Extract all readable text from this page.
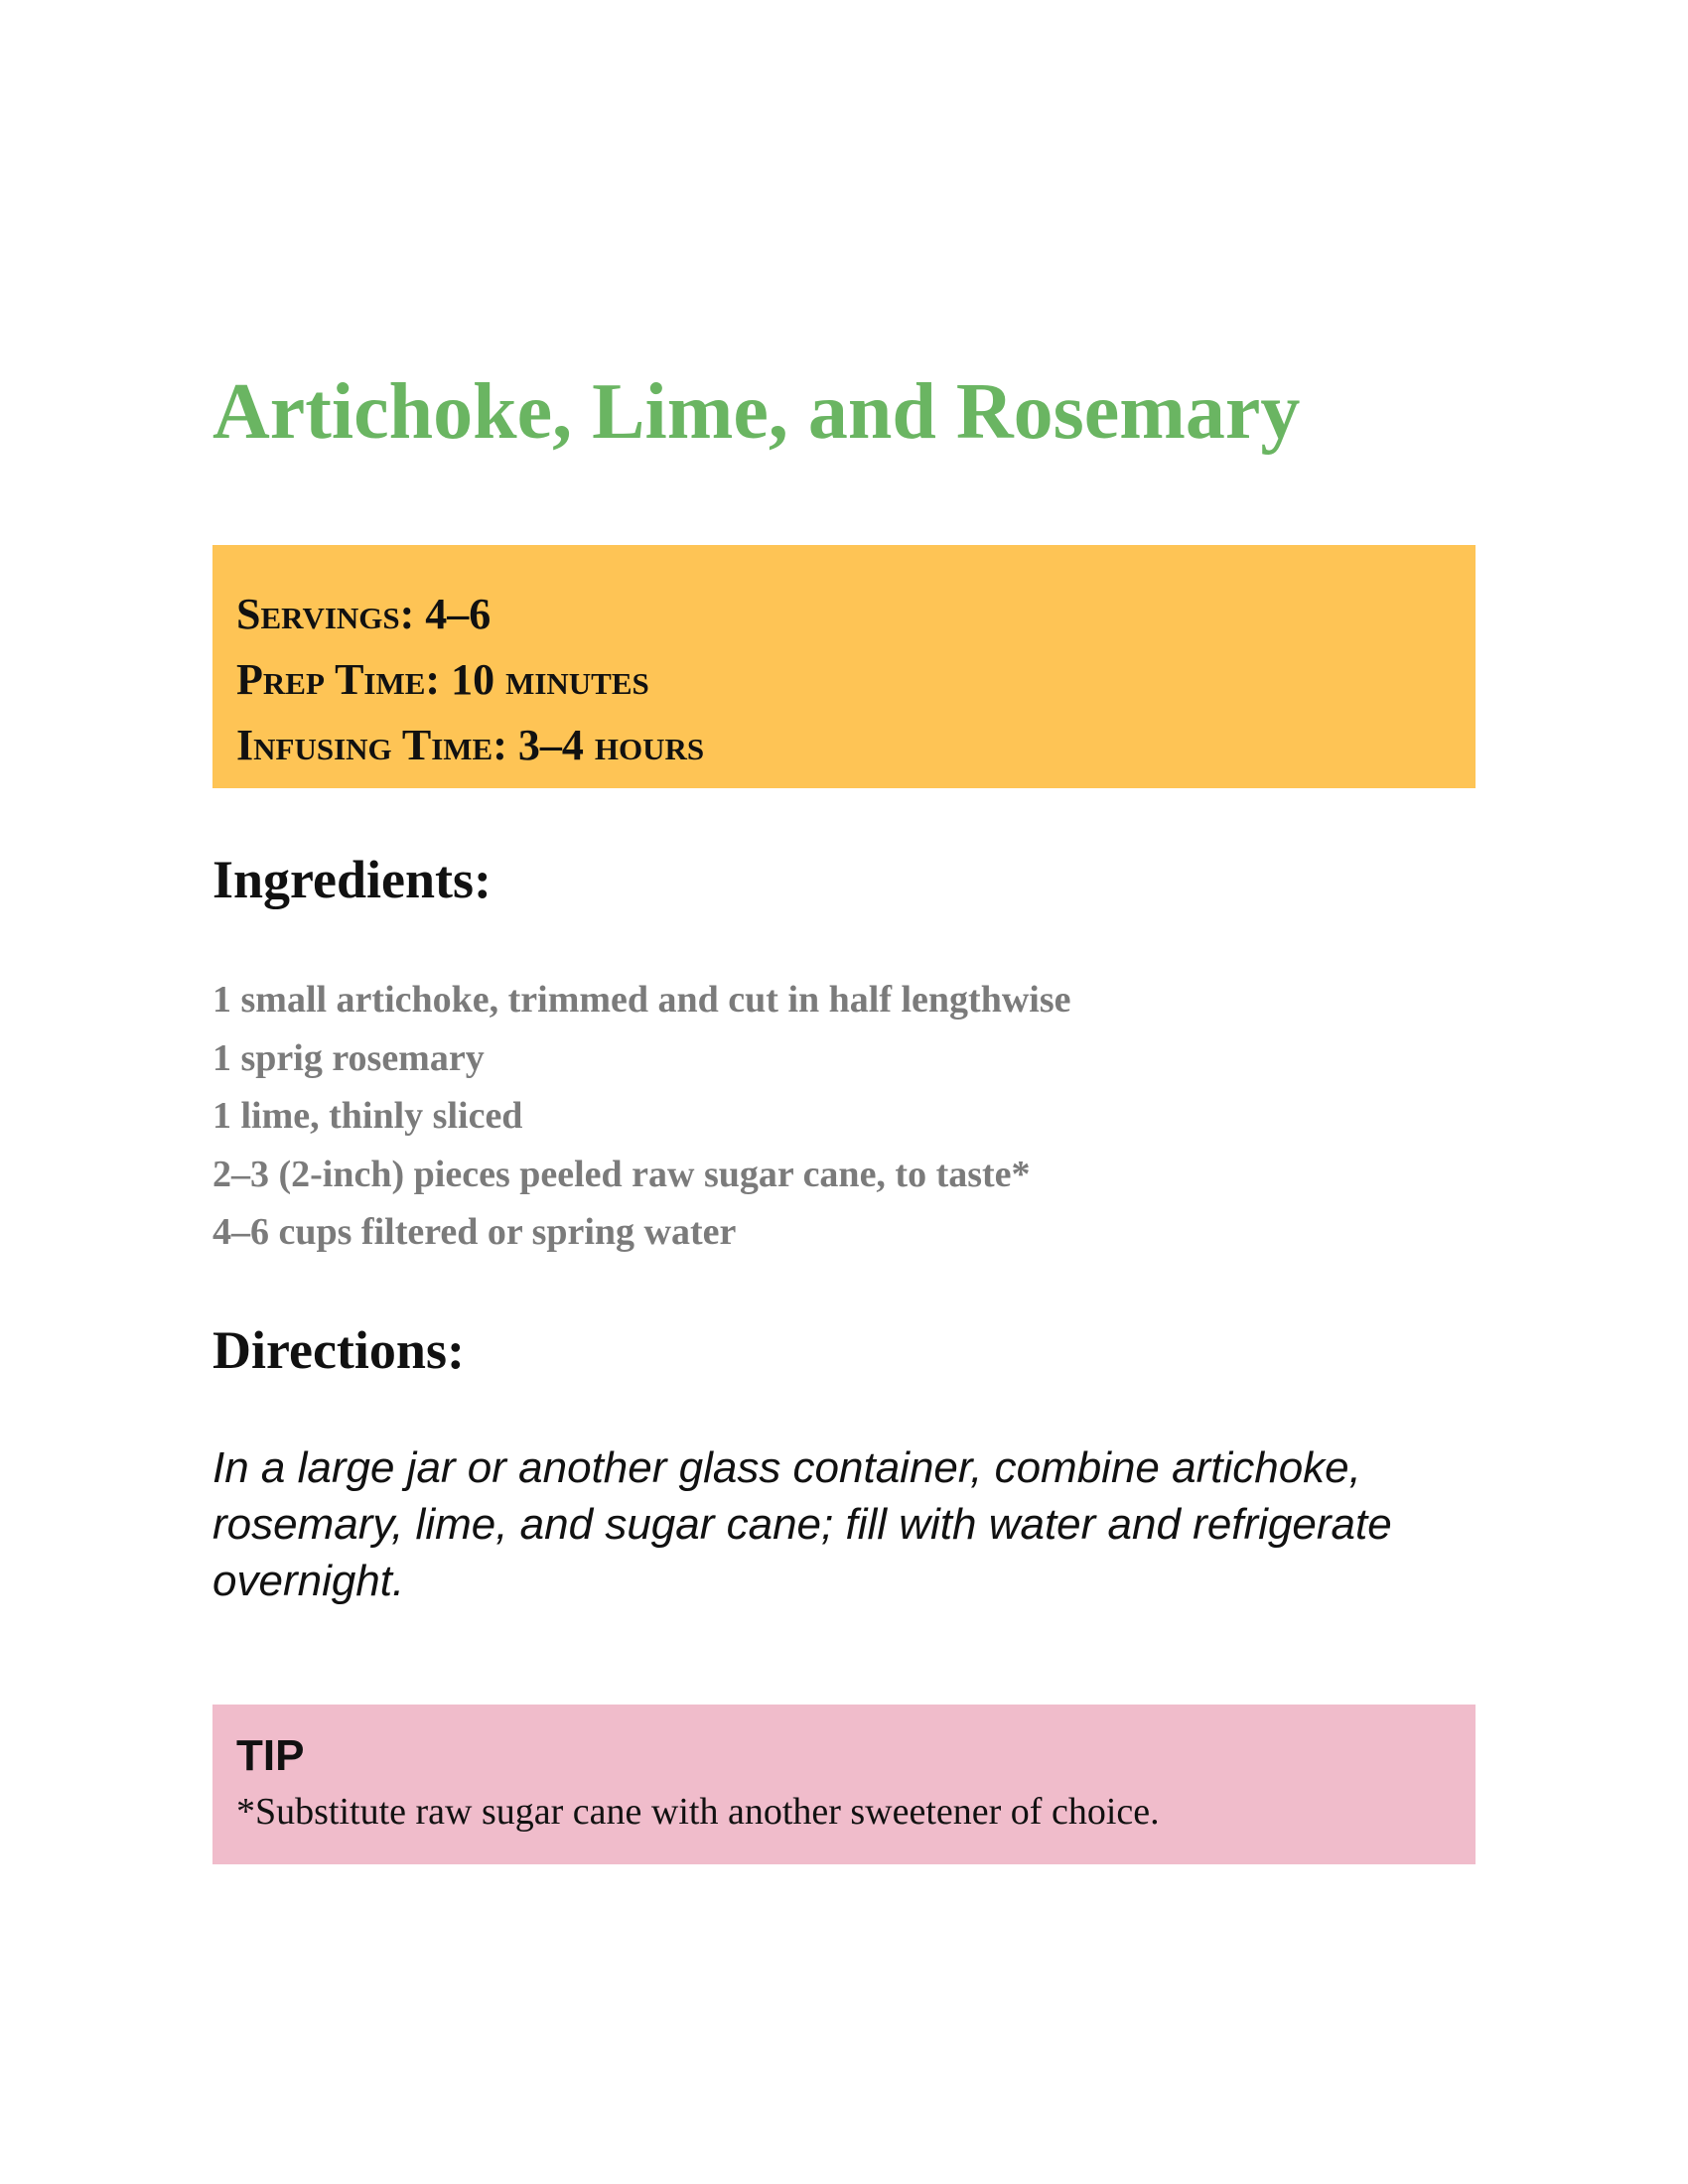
Artichoke, Lime, and Rosemary
Servings: 4–6
Prep Time: 10 minutes
Infusing Time: 3–4 hours
Ingredients:
1 small artichoke, trimmed and cut in half lengthwise
1 sprig rosemary
1 lime, thinly sliced
2–3 (2-inch) pieces peeled raw sugar cane, to taste*
4–6 cups filtered or spring water
Directions:

In a large jar or another glass container, combine artichoke, rosemary, lime, and sugar cane; fill with water and refrigerate overnight.

TIP
*Substitute raw sugar cane with another sweetener of choice.
